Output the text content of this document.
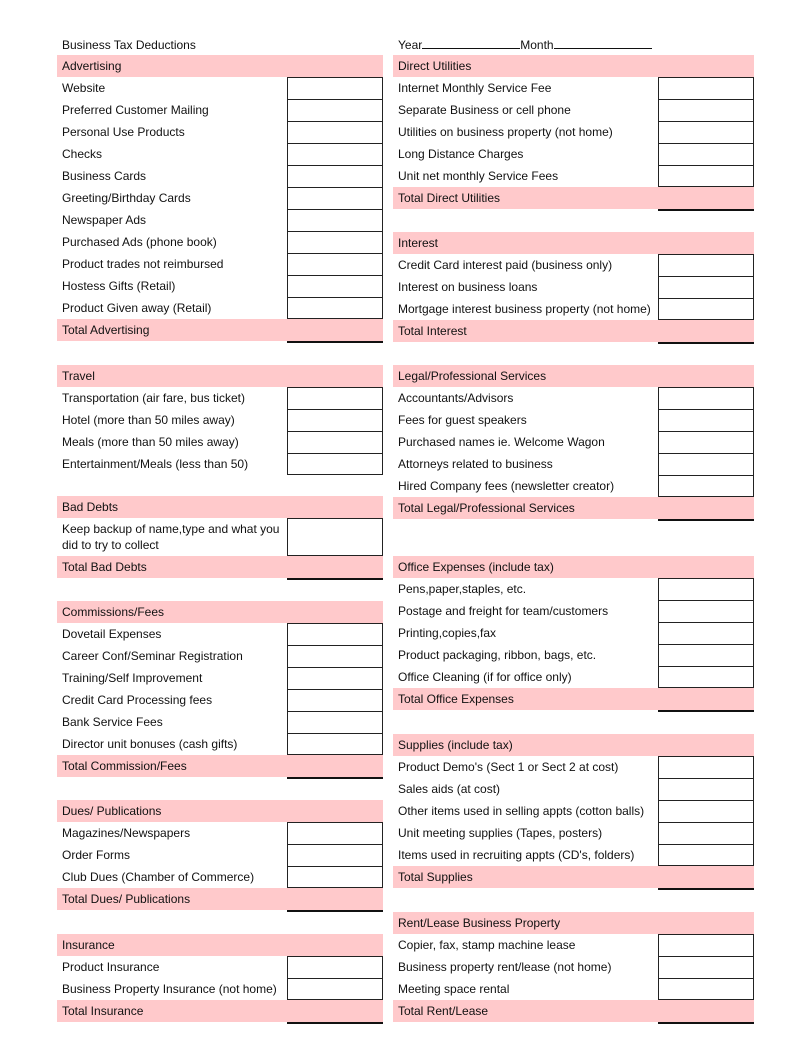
Business Tax Deductions	Year	Month
Advertising
Website
Preferred Customer Mailing
Personal Use Products
Checks
Business Cards
Greeting/Birthday Cards
Newspaper Ads
Purchased Ads (phone book)
Product trades not reimbursed
Hostess Gifts (Retail)
Product Given away (Retail)
Total Advertising
Travel
Transportation (air fare, bus ticket)
Hotel (more than 50 miles away)
Meals (more than 50 miles away)
Entertainment/Meals (less than 50)
Bad Debts
Keep backup of name,type and what you did to try to collect
Total Bad Debts
Commissions/Fees
Dovetail Expenses
Career Conf/Seminar Registration
Training/Self Improvement
Credit Card Processing fees
Bank Service Fees
Director unit bonuses (cash gifts)
Total Commission/Fees
Dues/ Publications
Magazines/Newspapers
Order Forms
Club Dues (Chamber of Commerce)
Total Dues/ Publications
Insurance
Product Insurance
Business Property Insurance (not home)
Total Insurance
Direct Utilities
Internet Monthly Service Fee
Separate Business or cell phone
Utilities on business property (not home)
Long Distance Charges
Unit net monthly Service Fees
Total Direct Utilities
Interest
Credit Card interest paid (business only)
Interest on business loans
Mortgage interest business property (not home)
Total Interest
Legal/Professional Services
Accountants/Advisors
Fees for guest speakers
Purchased names ie. Welcome Wagon
Attorneys related to business
Hired Company fees (newsletter creator)
Total Legal/Professional Services
Office Expenses (include tax)
Pens,paper,staples, etc.
Postage and freight for team/customers
Printing,copies,fax
Product packaging, ribbon, bags, etc.
Office Cleaning (if for office only)
Total Office Expenses
Supplies (include tax)
Product Demo's (Sect 1 or Sect 2 at cost)
Sales aids (at cost)
Other items used in selling appts (cotton balls)
Unit meeting supplies (Tapes, posters)
Items used in recruiting appts (CD's, folders)
Total Supplies
Rent/Lease Business Property
Copier, fax, stamp machine lease
Business property rent/lease (not home)
Meeting space rental
Total Rent/Lease
